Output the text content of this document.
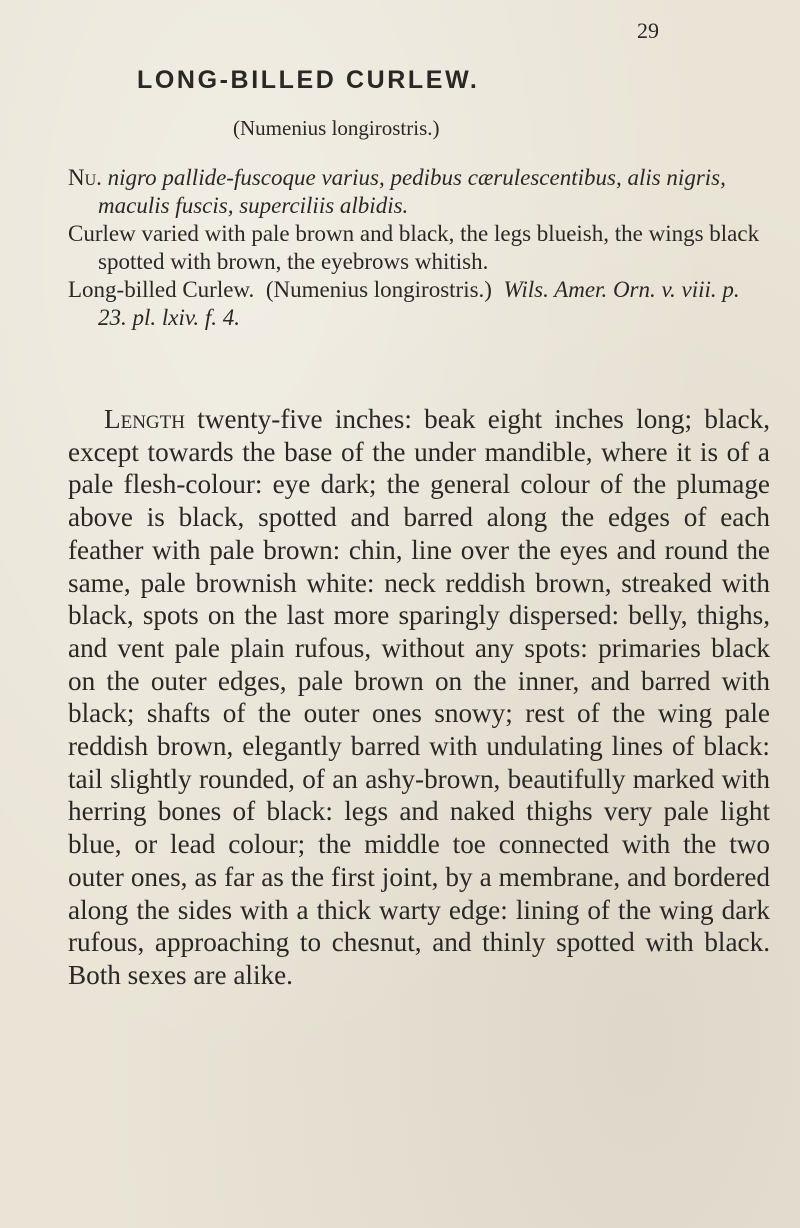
29
LONG-BILLED CURLEW.
(Numenius longirostris.)

Nu. nigro pallide-fuscoque varius, pedibus cærulescentibus, alis nigris, maculis fuscis, superciliis albidis.

Curlew varied with pale brown and black, the legs blueish, the wings black spotted with brown, the eyebrows whitish.

Long-billed Curlew. (Numenius longirostris.) Wils. Amer. Orn. v. viii. p. 23. pl. lxiv. f. 4.

Length twenty-five inches: beak eight inches long; black, except towards the base of the under mandible, where it is of a pale flesh-colour: eye dark; the general colour of the plumage above is black, spotted and barred along the edges of each feather with pale brown: chin, line over the eyes and round the same, pale brownish white: neck reddish brown, streaked with black, spots on the last more sparingly dispersed: belly, thighs, and vent pale plain rufous, without any spots: primaries black on the outer edges, pale brown on the inner, and barred with black; shafts of the outer ones snowy; rest of the wing pale reddish brown, elegantly barred with undulating lines of black: tail slightly rounded, of an ashy-brown, beautifully marked with herring bones of black: legs and naked thighs very pale light blue, or lead colour; the middle toe connected with the two outer ones, as far as the first joint, by a membrane, and bordered along the sides with a thick warty edge: lining of the wing dark rufous, approaching to chesnut, and thinly spotted with black. Both sexes are alike.
